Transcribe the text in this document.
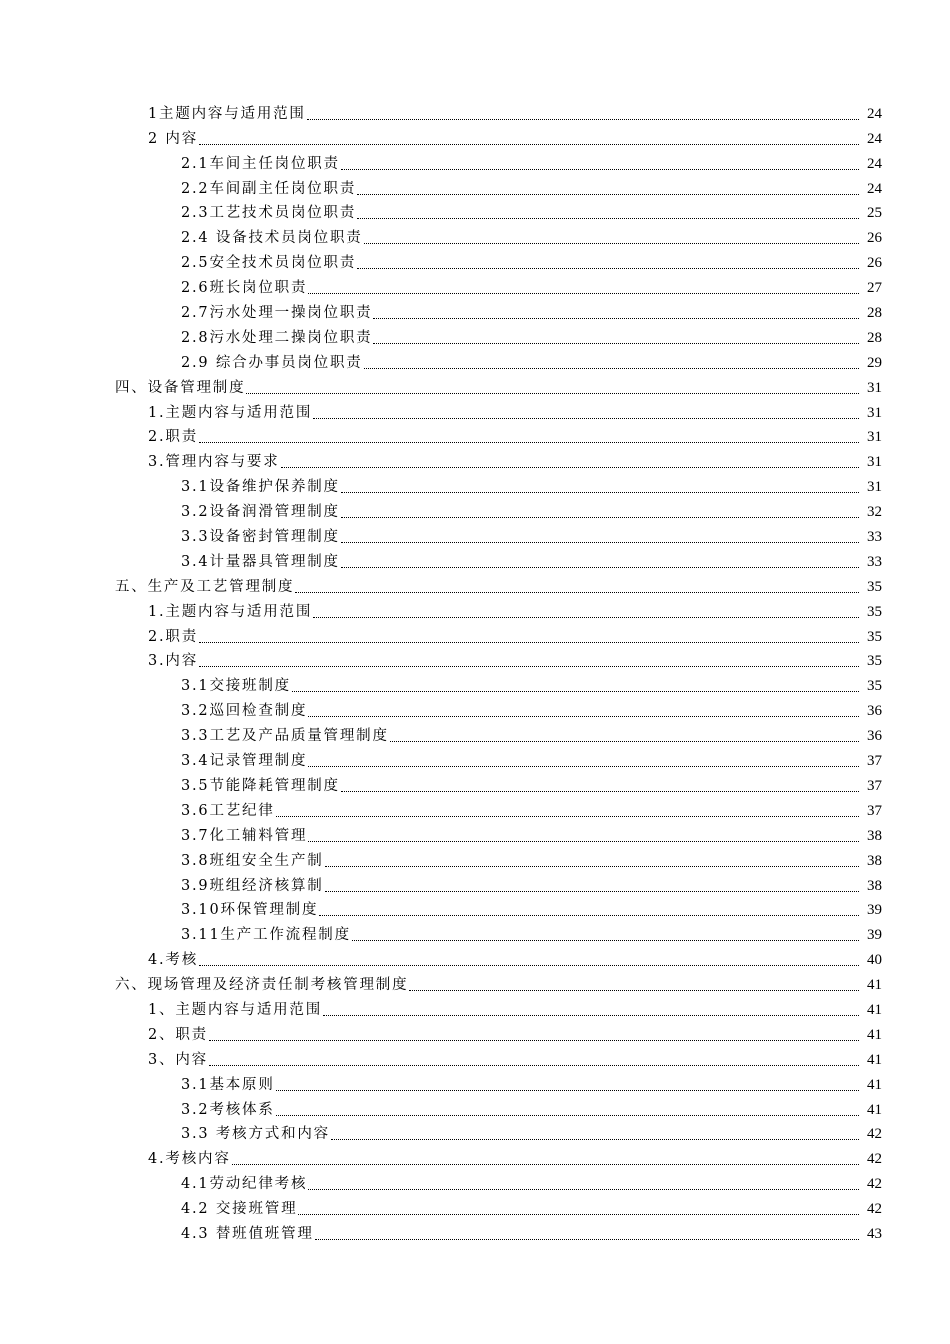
1主题内容与适用范围	24
2 内容	24
2.1车间主任岗位职责	24
2.2车间副主任岗位职责	24
2.3工艺技术员岗位职责	25
2.4 设备技术员岗位职责	26
2.5安全技术员岗位职责	26
2.6班长岗位职责	27
2.7污水处理一操岗位职责	28
2.8污水处理二操岗位职责	28
2.9 综合办事员岗位职责	29
四、设备管理制度	31
1.主题内容与适用范围	31
2.职责	31
3.管理内容与要求	31
3.1设备维护保养制度	31
3.2设备润滑管理制度	32
3.3设备密封管理制度	33
3.4计量器具管理制度	33
五、生产及工艺管理制度	35
1.主题内容与适用范围	35
2.职责	35
3.内容	35
3.1交接班制度	35
3.2巡回检查制度	36
3.3工艺及产品质量管理制度	36
3.4记录管理制度	37
3.5节能降耗管理制度	37
3.6工艺纪律	37
3.7化工辅料管理	38
3.8班组安全生产制	38
3.9班组经济核算制	38
3.10环保管理制度	39
3.11生产工作流程制度	39
4.考核	40
六、现场管理及经济责任制考核管理制度	41
1、主题内容与适用范围	41
2、职责	41
3、内容	41
3.1基本原则	41
3.2考核体系	41
3.3 考核方式和内容	42
4.考核内容	42
4.1劳动纪律考核	42
4.2 交接班管理	42
4.3 替班值班管理	43
